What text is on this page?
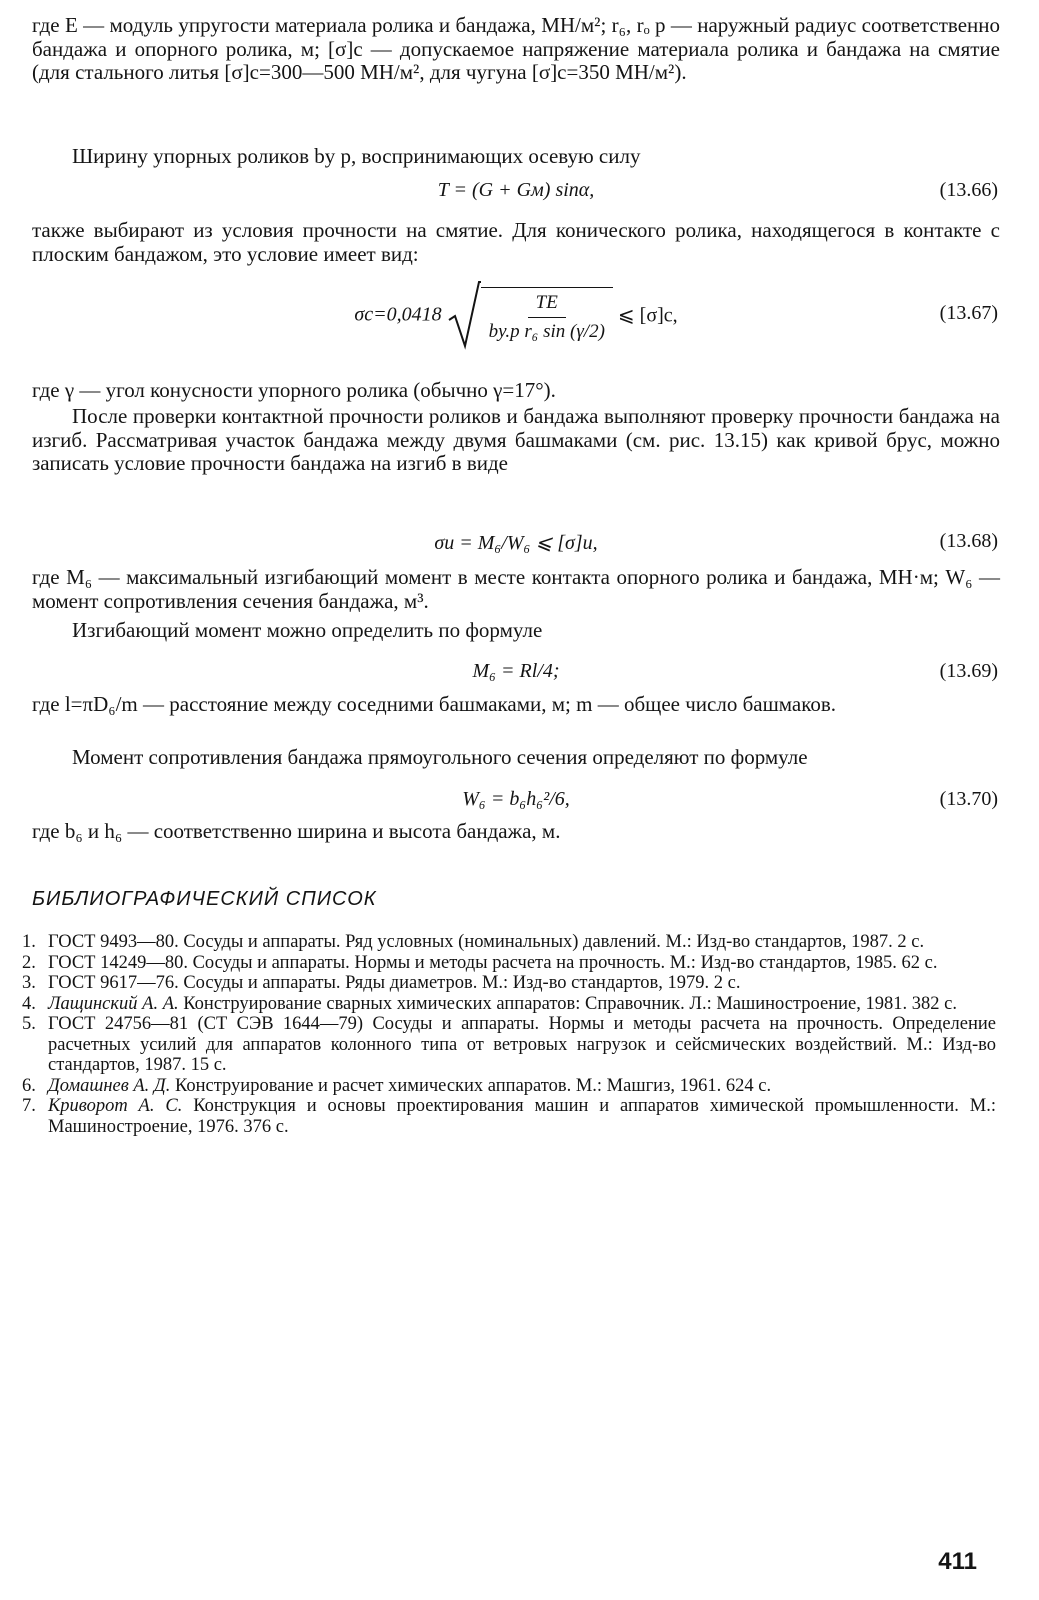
где E — модуль упругости материала ролика и бандажа, МН/м²; r₆, rₒ р — наружный радиус соответственно бандажа и опорного ролика, м; [σ]с — допускаемое напряжение материала ролика и бандажа на смятие (для стального литья [σ]с=300—500 МН/м², для чугуна [σ]с=350 МН/м²).

Ширину упорных роликов bу р, воспринимающих осевую силу

T = (G + Gм) sinα,	(13.66)

также выбирают из условия прочности на смятие. Для конического ролика, находящегося в контакте с плоским бандажом, это условие имеет вид:

$\sigma с=0,0418 \frac{TE}{\text{bу.р r₆ sin (γ/2)}}$ ⩽ [σ]с,	(13.67)

где γ — угол конусности упорного ролика (обычно γ=17°).

После проверки контактной прочности роликов и бандажа выполняют проверку прочности бандажа на изгиб. Рассматривая участок бандажа между двумя башмаками (см. рис. 13.15) как кривой брус, можно записать условие прочности бандажа на изгиб в виде

σи = M₆/W₆ ⩽ [σ]и,	(13.68)

где M₆ — максимальный изгибающий момент в месте контакта опорного ролика и бандажа, МН·м; W₆ — момент сопротивления сечения бандажа, м³.

Изгибающий момент можно определить по формуле

M₆ = Rl/4;	(13.69)

где l=πD₆/m — расстояние между соседними башмаками, м; m — общее число башмаков.

Момент сопротивления бандажа прямоугольного сечения определяют по формуле

W₆ = b₆h₆²/6,	(13.70)

где b₆ и h₆ — соответственно ширина и высота бандажа, м.

БИБЛИОГРАФИЧЕСКИЙ СПИСОК
1. ГОСТ 9493—80. Сосуды и аппараты. Ряд условных (номинальных) давлений. М.: Изд-во стандартов, 1987. 2 с.
2. ГОСТ 14249—80. Сосуды и аппараты. Нормы и методы расчета на прочность. М.: Изд-во стандартов, 1985. 62 с.
3. ГОСТ 9617—76. Сосуды и аппараты. Ряды диаметров. М.: Изд-во стандартов, 1979. 2 с.
4. Лащинский А. А. Конструирование сварных химических аппаратов: Справочник. Л.: Машиностроение, 1981. 382 с.
5. ГОСТ 24756—81 (СТ СЭВ 1644—79) Сосуды и аппараты. Нормы и методы расчета на прочность. Определение расчетных усилий для аппаратов колонного типа от ветровых нагрузок и сейсмических воздействий. М.: Изд-во стандартов, 1987. 15 с.
6. Домашнев А. Д. Конструирование и расчет химических аппаратов. М.: Машгиз, 1961. 624 с.
7. Криворот А. С. Конструкция и основы проектирования машин и аппаратов химической промышленности. М.: Машиностроение, 1976. 376 с.
411
